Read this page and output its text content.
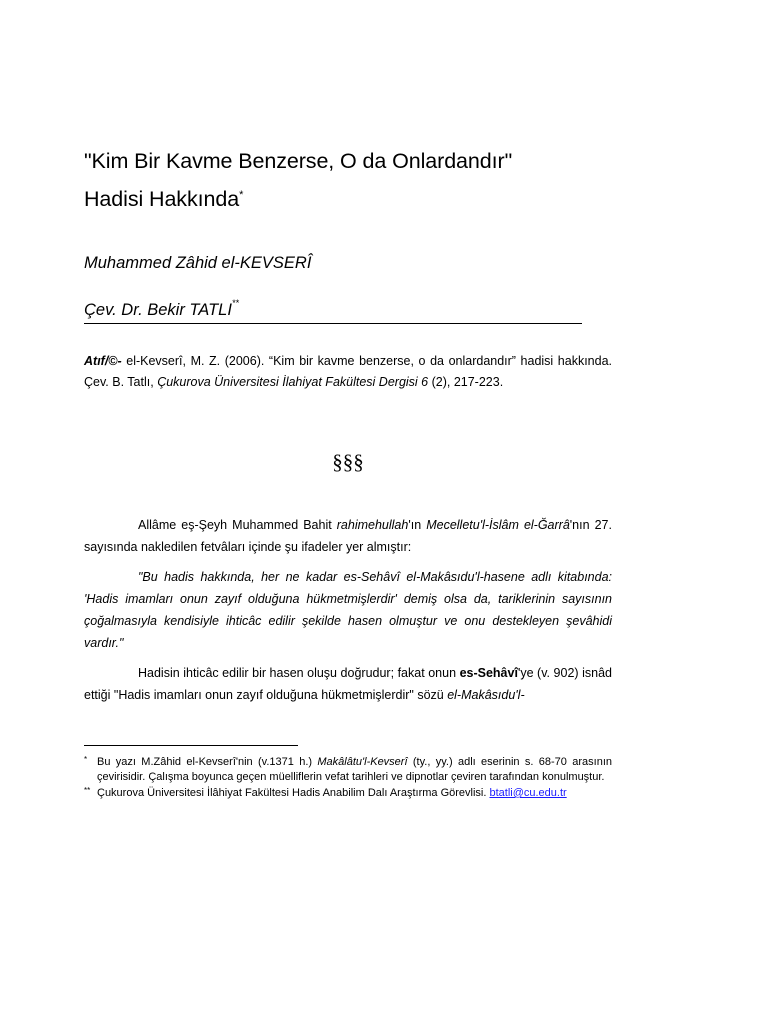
"Kim Bir Kavme Benzerse, O da Onlardandır"
Hadisi Hakkında*
Muhammed Zâhid el-KEVSERÎ
Çev. Dr. Bekir TATLI**
Atıf/©- el-Kevserî, M. Z. (2006). “Kim bir kavme benzerse, o da onlardandır” hadisi hakkında. Çev. B. Tatlı, Çukurova Üniversitesi İlahiyat Fakültesi Dergisi 6 (2), 217-223.
§§§

Allâme eş-Şeyh Muhammed Bahit rahimehullah'ın Mecelletu'l-İslâm el-Ğarrâ'nın 27. sayısında nakledilen fetvâları içinde şu ifadeler yer almıştır:

"Bu hadis hakkında, her ne kadar es-Sehâvî el-Makâsıdu'l-hasene adlı kitabında: 'Hadis imamları onun zayıf olduğuna hükmetmişlerdir' demiş olsa da, tariklerinin sayısının çoğalmasıyla kendisiyle ihticâc edilir şekilde hasen olmuştur ve onu destekleyen şevâhidi vardır."

Hadisin ihticâc edilir bir hasen oluşu doğrudur; fakat onun es-Sehâvî'ye (v. 902) isnâd ettiği "Hadis imamları onun zayıf olduğuna hükmetmişlerdir" sözü el-Makâsıdu'l-

* Bu yazı M.Zâhid el-Kevserî'nin (v.1371 h.) Makâlâtu'l-Kevserî (ty., yy.) adlı eserinin s. 68-70 arasının çevirisidir. Çalışma boyunca geçen müelliflerin vefat tarihleri ve dipnotlar çeviren tarafından konulmuştur.
** Çukurova Üniversitesi İlâhiyat Fakültesi Hadis Anabilim Dalı Araştırma Görevlisi. btatli@cu.edu.tr
